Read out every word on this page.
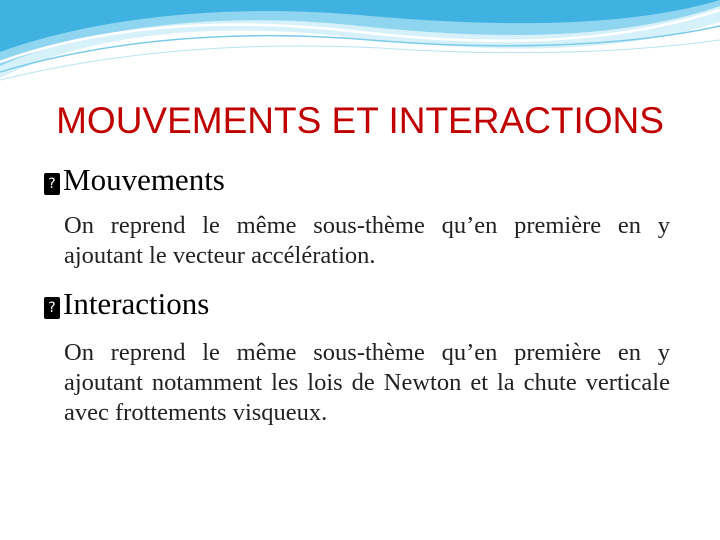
MOUVEMENTS ET INTERACTIONS
? Mouvements

On reprend le même sous-thème qu’en première en y ajoutant le vecteur accélération.

? Interactions

On reprend le même sous-thème qu’en première en y ajoutant notamment les lois de Newton et la chute verticale avec frottements visqueux.
